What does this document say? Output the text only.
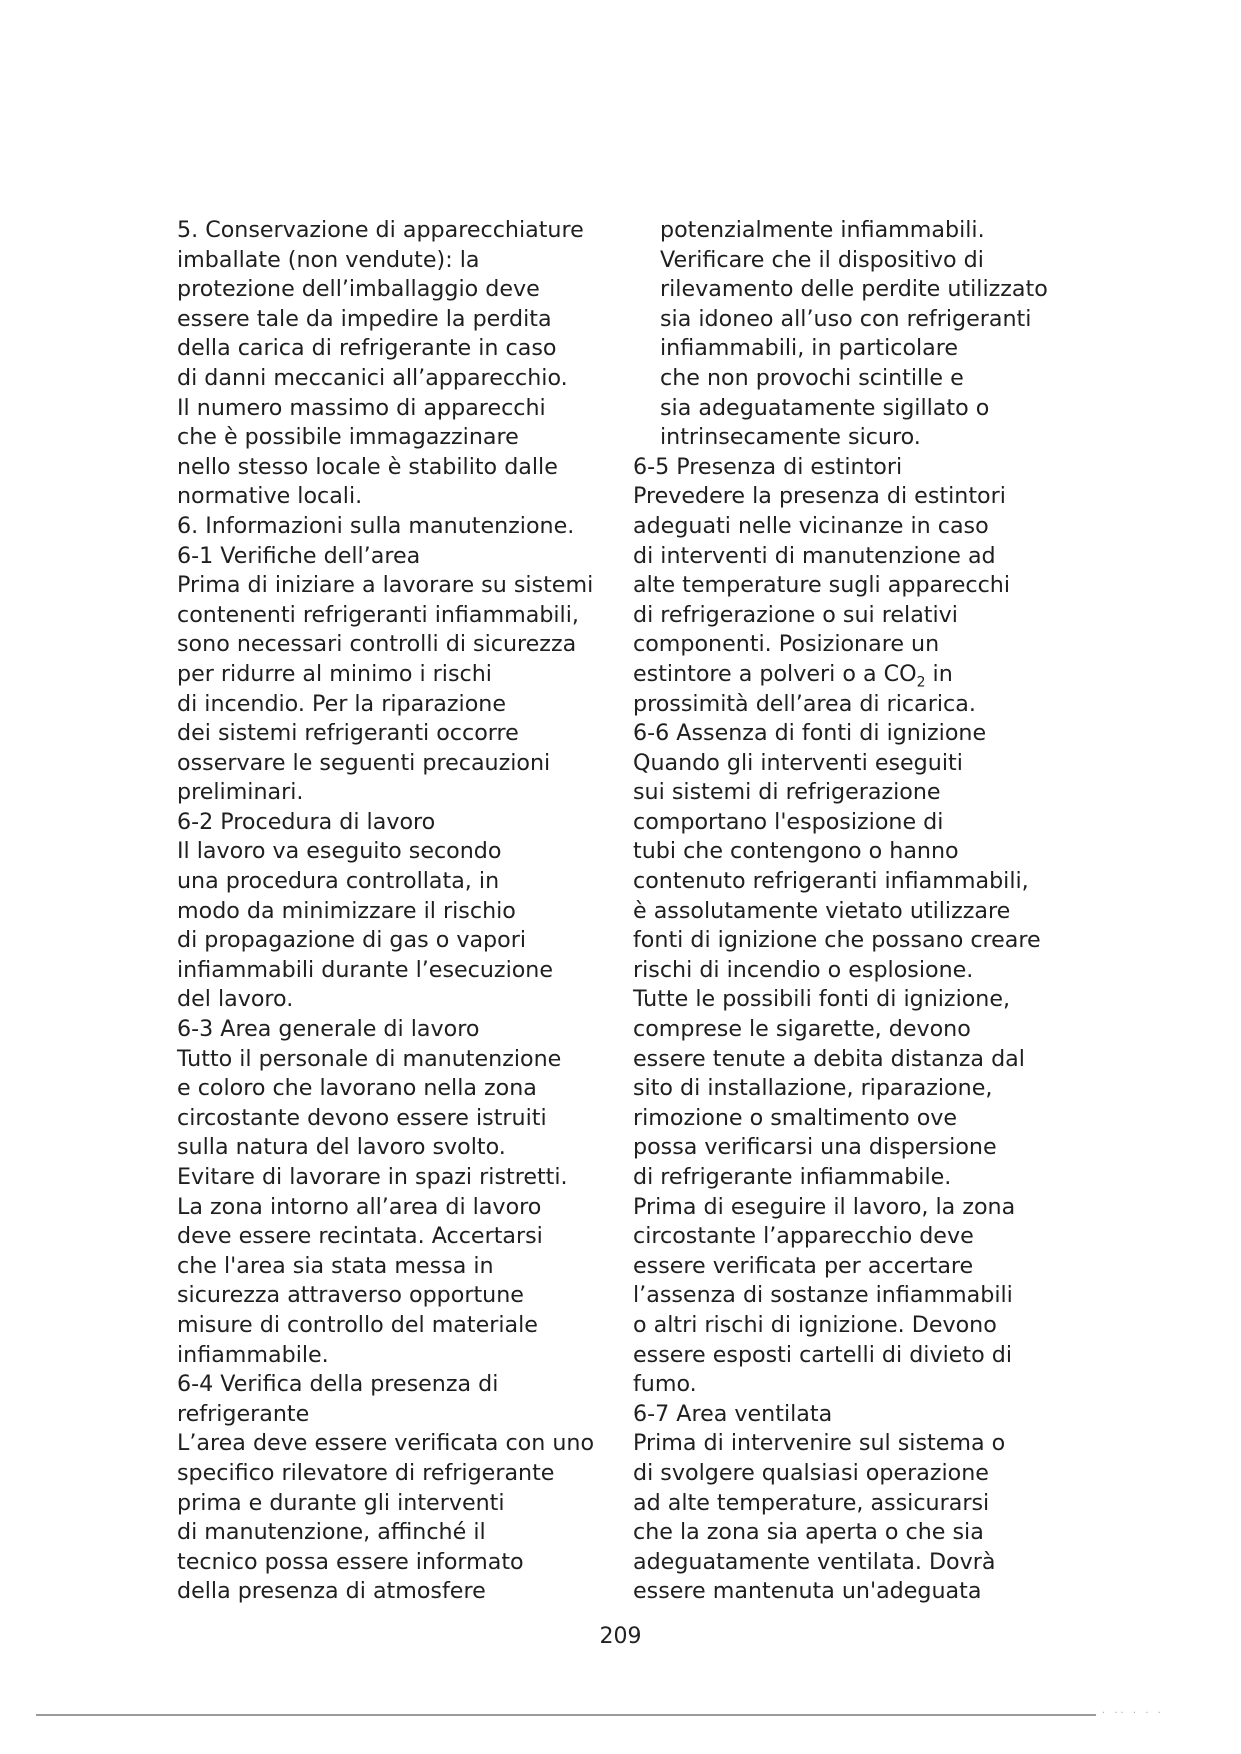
5. Conservazione di apparecchiature
imballate (non vendute): la
protezione dell’imballaggio deve
essere tale da impedire la perdita
della carica di refrigerante in caso
di danni meccanici all’apparecchio.
Il numero massimo di apparecchi
che è possibile immagazzinare
nello stesso locale è stabilito dalle
normative locali.
6. Informazioni sulla manutenzione.
6-1 Verifiche dell’area
Prima di iniziare a lavorare su sistemi
contenenti refrigeranti infiammabili,
sono necessari controlli di sicurezza
per ridurre al minimo i rischi
di incendio. Per la riparazione
dei sistemi refrigeranti occorre
osservare le seguenti precauzioni
preliminari.
6-2 Procedura di lavoro
Il lavoro va eseguito secondo
una procedura controllata, in
modo da minimizzare il rischio
di propagazione di gas o vapori
infiammabili durante l’esecuzione
del lavoro.
6-3 Area generale di lavoro
Tutto il personale di manutenzione
e coloro che lavorano nella zona
circostante devono essere istruiti
sulla natura del lavoro svolto.
Evitare di lavorare in spazi ristretti.
La zona intorno all’area di lavoro
deve essere recintata. Accertarsi
che l'area sia stata messa in
sicurezza attraverso opportune
misure di controllo del materiale
infiammabile.
6-4 Verifica della presenza di
refrigerante
L’area deve essere verificata con uno
specifico rilevatore di refrigerante
prima e durante gli interventi
di manutenzione, affinché il
tecnico possa essere informato
della presenza di atmosfere
potenzialmente infiammabili.
Verificare che il dispositivo di
rilevamento delle perdite utilizzato
sia idoneo all’uso con refrigeranti
infiammabili, in particolare
che non provochi scintille e
sia adeguatamente sigillato o
intrinsecamente sicuro.
6-5 Presenza di estintori
Prevedere la presenza di estintori
adeguati nelle vicinanze in caso
di interventi di manutenzione ad
alte temperature sugli apparecchi
di refrigerazione o sui relativi
componenti. Posizionare un
estintore a polveri o a $CO_2$ in
prossimità dell’area di ricarica.
6-6 Assenza di fonti di ignizione
Quando gli interventi eseguiti
sui sistemi di refrigerazione
comportano l'esposizione di
tubi che contengono o hanno
contenuto refrigeranti infiammabili,
è assolutamente vietato utilizzare
fonti di ignizione che possano creare
rischi di incendio o esplosione.
Tutte le possibili fonti di ignizione,
comprese le sigarette, devono
essere tenute a debita distanza dal
sito di installazione, riparazione,
rimozione o smaltimento ove
possa verificarsi una dispersione
di refrigerante infiammabile.
Prima di eseguire il lavoro, la zona
circostante l’apparecchio deve
essere verificata per accertare
l’assenza di sostanze infiammabili
o altri rischi di ignizione. Devono
essere esposti cartelli di divieto di
fumo.
6-7 Area ventilata
Prima di intervenire sul sistema o
di svolgere qualsiasi operazione
ad alte temperature, assicurarsi
che la zona sia aperta o che sia
adeguatamente ventilata. Dovrà
essere mantenuta un'adeguata
209
· ·· · · ·
